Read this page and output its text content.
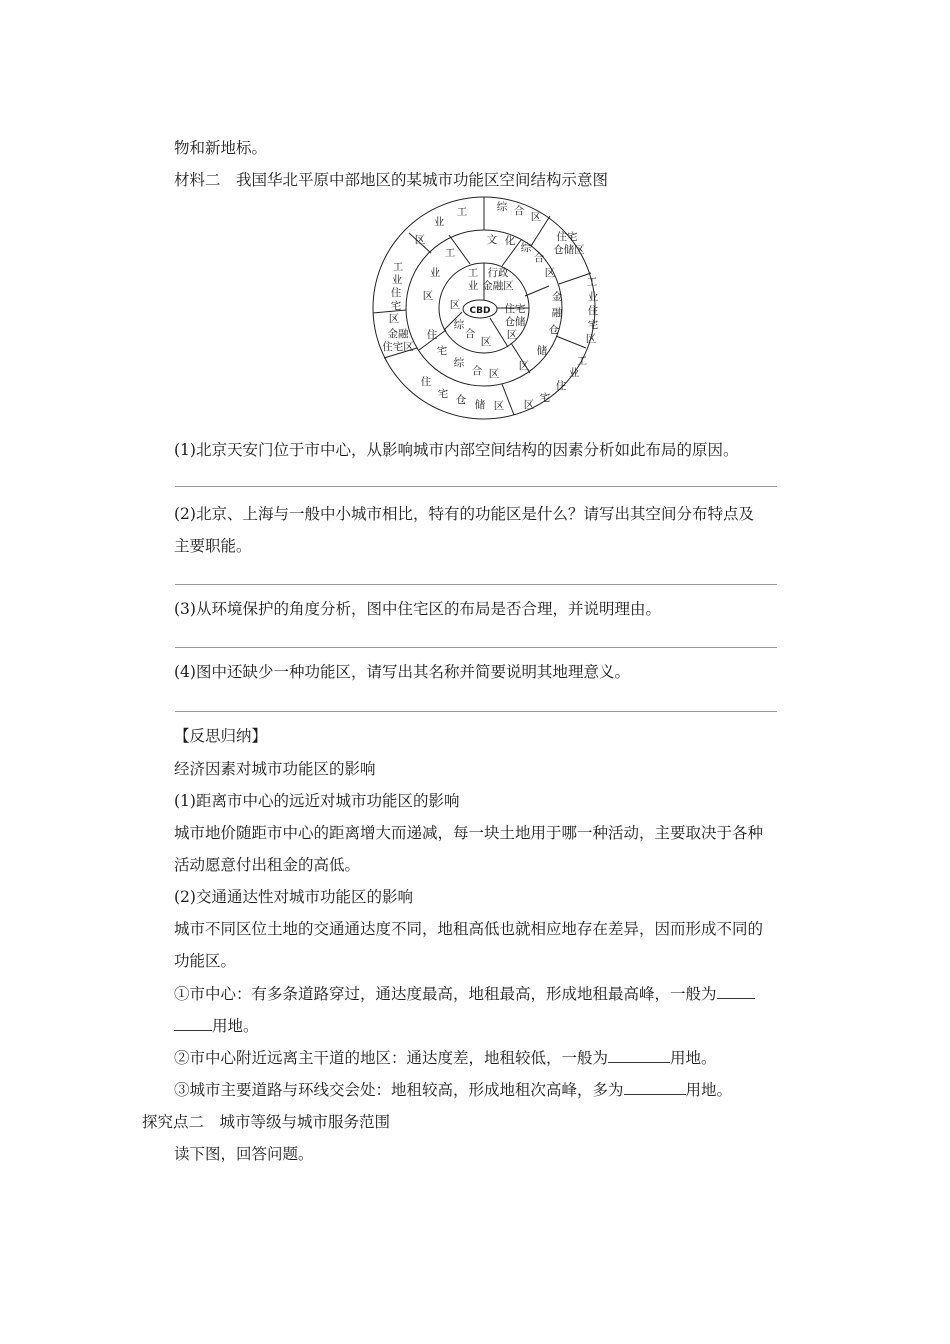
物和新地标。
材料二　我国华北平原中部地区的某城市功能区空间结构示意图
CBD
工
业
区
行政
金融区
住宅
仓储
区
综
合
区
工
业
区
文 化
综
合
区
金
融
仓
储
区
住
宅
综
合 区
工
业
区
综 合 区
住宅
仓储区
工
业
住
宅
区
工
业
住
宅
区
住
宅 仓 储 区
金融
住宅区
工
业
住
宅
区
(1)北京天安门位于市中心，从影响城市内部空间结构的因素分析如此布局的原因。
(2)北京、上海与一般中小城市相比，特有的功能区是什么？请写出其空间分布特点及
主要职能。
(3)从环境保护的角度分析，图中住宅区的布局是否合理，并说明理由。
(4)图中还缺少一种功能区，请写出其名称并简要说明其地理意义。
【反思归纳】
经济因素对城市功能区的影响
(1)距离市中心的远近对城市功能区的影响
城市地价随距市中心的距离增大而递减，每一块土地用于哪一种活动，主要取决于各种
活动愿意付出租金的高低。
(2)交通通达性对城市功能区的影响
城市不同区位土地的交通通达度不同，地租高低也就相应地存在差异，因而形成不同的
功能区。
①市中心：有多条道路穿过，通达度最高，地租最高，形成地租最高峰，一般为
用地。
②市中心附近远离主干道的地区：通达度差，地租较低，一般为	用地。
③城市主要道路与环线交会处：地租较高，形成地租次高峰，多为	用地。
探究点二　城市等级与城市服务范围
读下图，回答问题。
